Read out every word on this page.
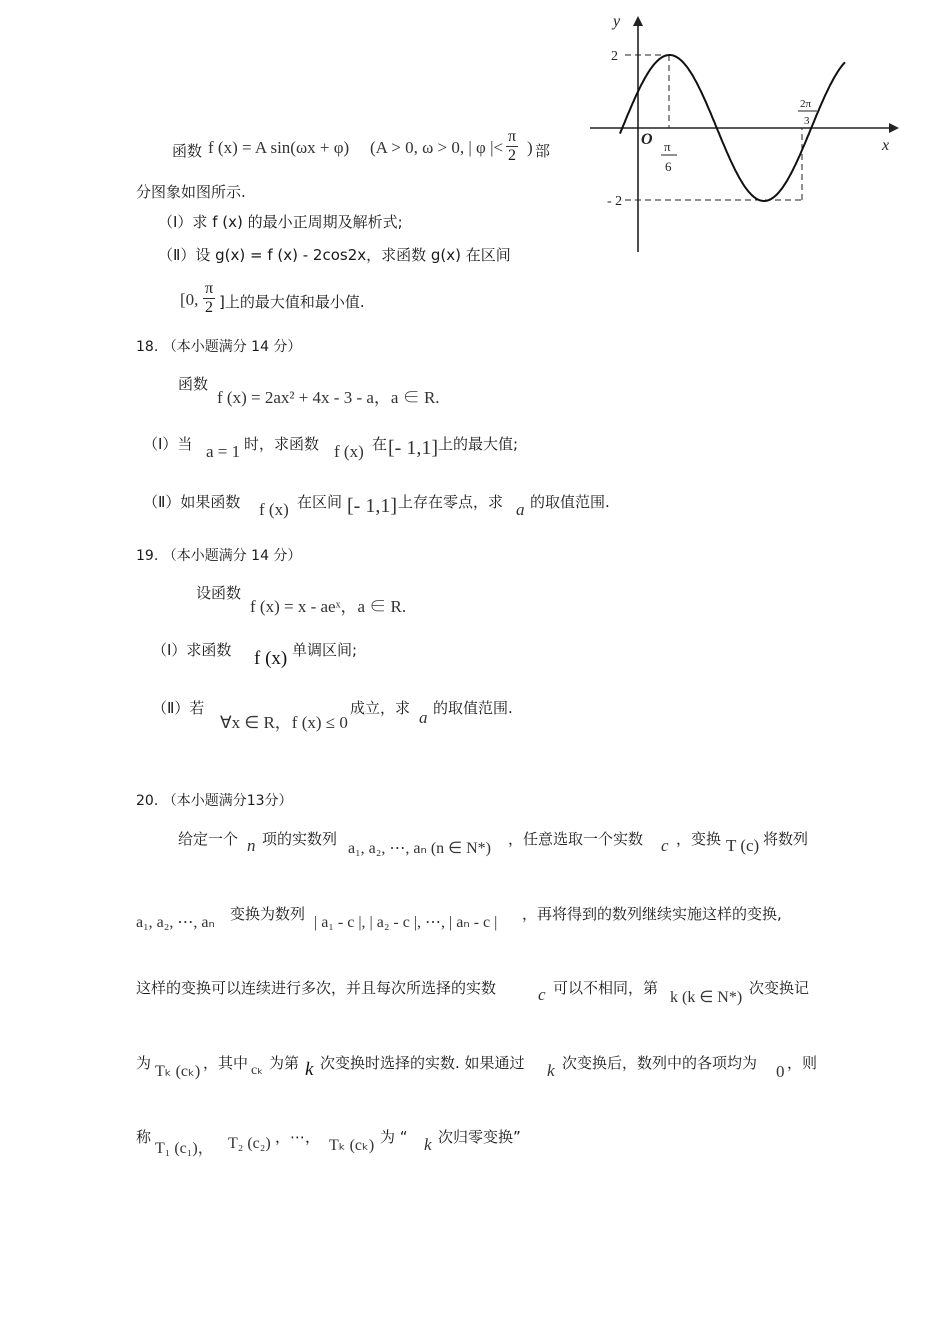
函数 f (x) = A sin(ωx + φ) (A > 0, ω > 0, | φ |< $\frac{\pi}{2}$ ) 部
分图象如图所示.
（Ⅰ）求 f (x) 的最小正周期及解析式;
（Ⅱ）设 g(x) = f (x) - 2cos2x，求函数 g(x) 在区间
[0, $\frac{\pi}{2}$ ]上的最大值和最小值.
y
x
O
2
- 2
π
6
2π
3
18. （本小题满分 14 分）
函数
f (x) = 2ax² + 4x - 3 - a，a ∈ R.
（Ⅰ）当 a = 1 时，求函数 f (x) 在 [- 1,1] 上的最大值;
（Ⅱ）如果函数 f (x) 在区间 [- 1,1] 上存在零点，求 a 的取值范围.
19. （本小题满分 14 分）
设函数
f (x) = x - aeˣ，a ∈ R.
（Ⅰ）求函数 f (x) 单调区间;
（Ⅱ）若
∀x ∈ R，f (x) ≤ 0
成立，求 a 的取值范围.
20. （本小题满分13分）
给定一个 n 项的实数列
a₁, a₂, ⋯, aₙ (n ∈ N*)
，任意选取一个实数 c ，变换 T (c) 将数列
a₁, a₂, ⋯, aₙ 变换为数列 | a₁ - c |, | a₂ - c |, ⋯, | aₙ - c | ，再将得到的数列继续实施这样的变换,
这样的变换可以连续进行多次，并且每次所选择的实数 c 可以不相同，第
k (k ∈ N*)
次变换记
为 Tₖ (cₖ) ，其中 cₖ 为第 k 次变换时选择的实数. 如果通过 k 次变换后，数列中的各项均为 0 ，则
称
T₁ (c₁)， T₂ (c₂) ，⋯， Tₖ (cₖ) 为 “ k 次归零变换”
